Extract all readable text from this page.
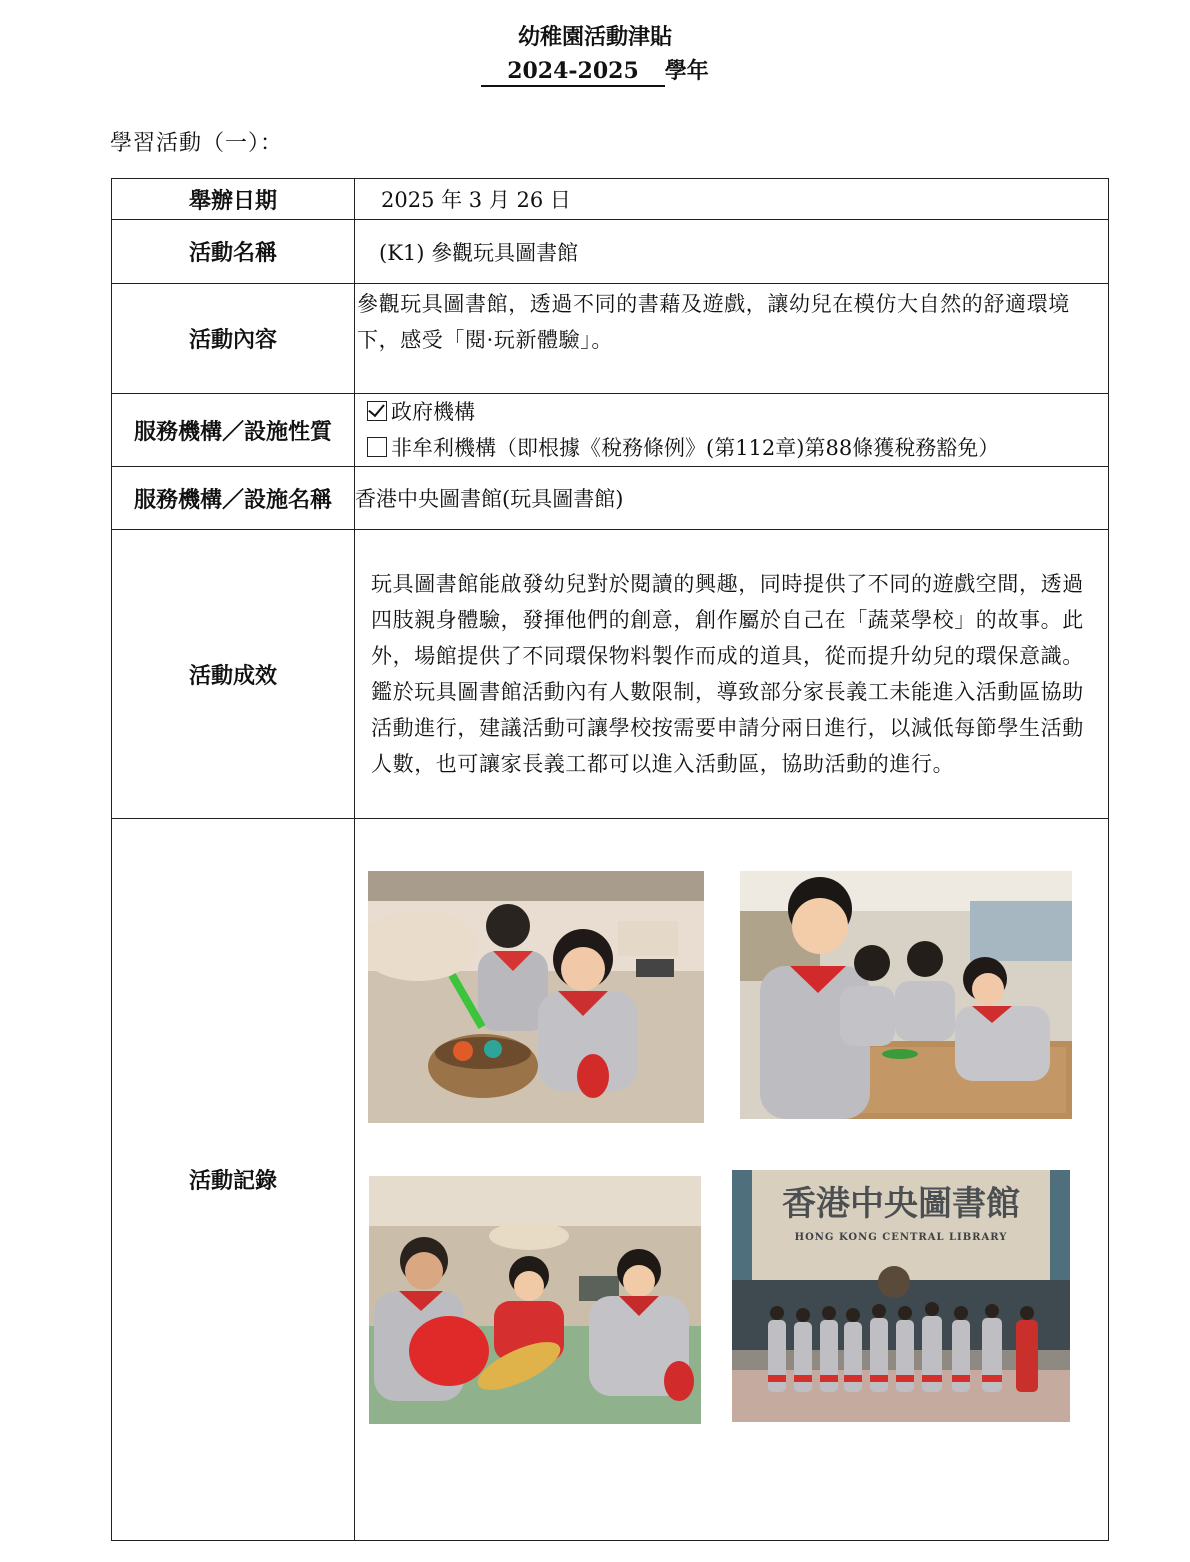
幼稚園活動津貼
2024-2025 學年
學習活動（一）：
舉辦日期	2025 年 3 月 26 日
活動名稱	(K1) 參觀玩具圖書館
活動內容	參觀玩具圖書館，透過不同的書藉及遊戲，讓幼兒在模仿大自然的舒適環境下，感受「閱·玩新體驗」。

服務機構／設施性質	政府機構
非牟利機構（即根據《稅務條例》(第112章)第88條獲稅務豁免）

服務機構／設施名稱	香港中央圖書館(玩具圖書館)
活動成效	玩具圖書館能啟發幼兒對於閱讀的興趣，同時提供了不同的遊戲空間，透過四肢親身體驗，發揮他們的創意，創作屬於自己在「蔬菜學校」的故事。此外，場館提供了不同環保物料製作而成的道具，從而提升幼兒的環保意識。鑑於玩具圖書館活動內有人數限制，導致部分家長義工未能進入活動區協助活動進行，建議活動可讓學校按需要申請分兩日進行，以減低每節學生活動人數，也可讓家長義工都可以進入活動區，協助活動的進行。

活動記錄	香港中央圖書館
HONG KONG CENTRAL LIBRARY
